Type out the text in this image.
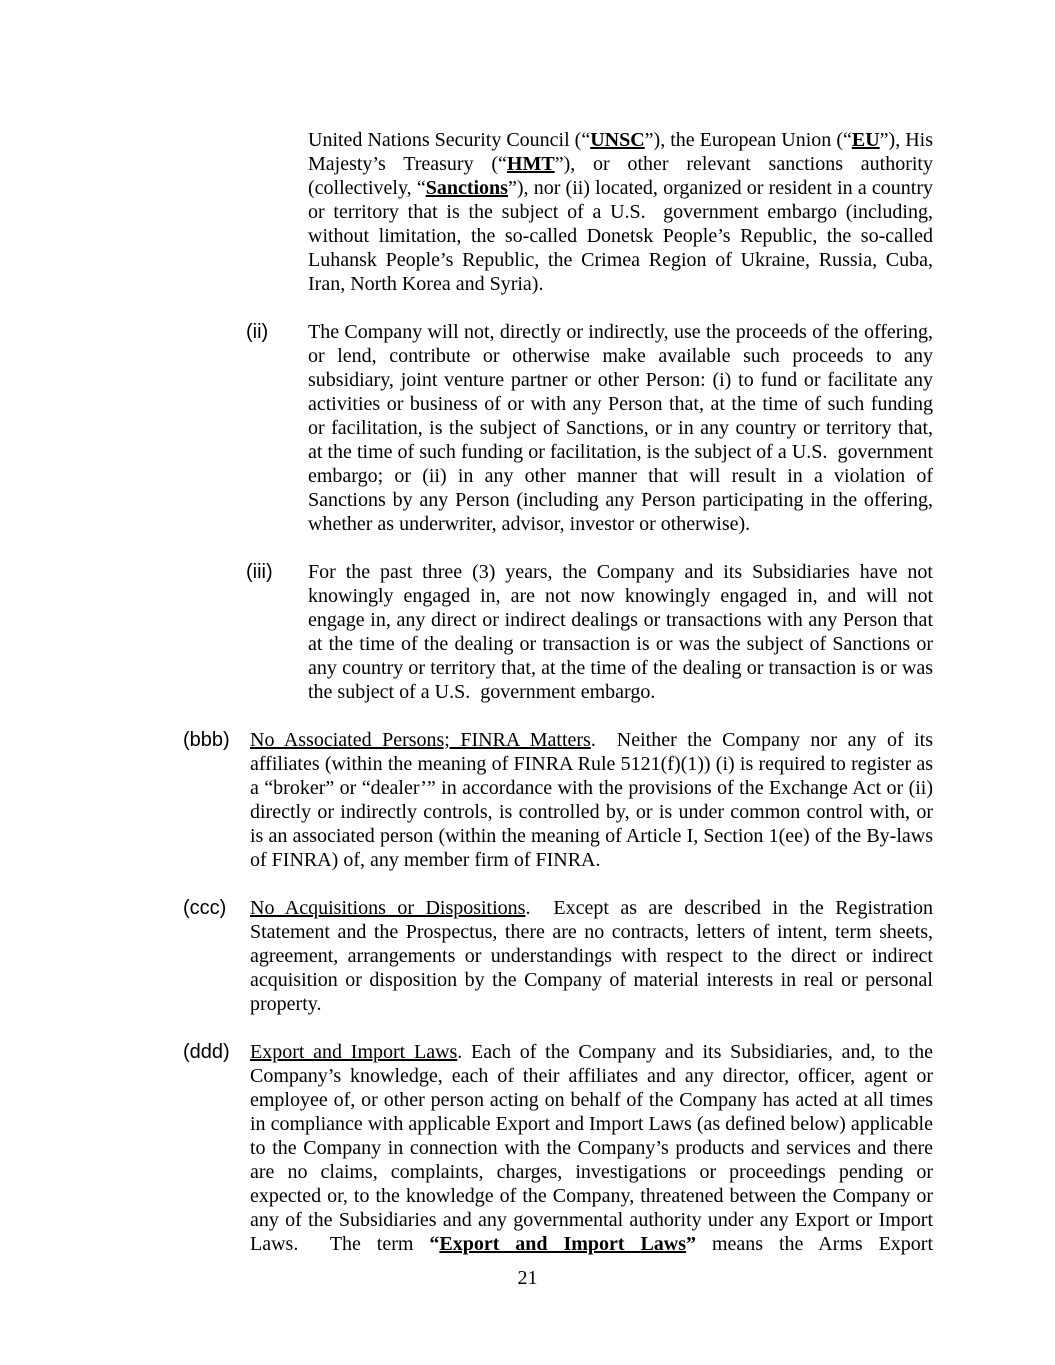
United Nations Security Council (“UNSC”), the European Union (“EU”), His Majesty’s Treasury (“HMT”), or other relevant sanctions authority (collectively, “Sanctions”), nor (ii) located, organized or resident in a country or territory that is the subject of a U.S.  government embargo (including, without limitation, the so-called Donetsk People’s Republic, the so-called Luhansk People’s Republic, the Crimea Region of Ukraine, Russia, Cuba, Iran, North Korea and Syria).
(ii) The Company will not, directly or indirectly, use the proceeds of the offering, or lend, contribute or otherwise make available such proceeds to any subsidiary, joint venture partner or other Person: (i) to fund or facilitate any activities or business of or with any Person that, at the time of such funding or facilitation, is the subject of Sanctions, or in any country or territory that, at the time of such funding or facilitation, is the subject of a U.S.  government embargo; or (ii) in any other manner that will result in a violation of Sanctions by any Person (including any Person participating in the offering, whether as underwriter, advisor, investor or otherwise).
(iii) For the past three (3) years, the Company and its Subsidiaries have not knowingly engaged in, are not now knowingly engaged in, and will not engage in, any direct or indirect dealings or transactions with any Person that at the time of the dealing or transaction is or was the subject of Sanctions or any country or territory that, at the time of the dealing or transaction is or was the subject of a U.S.  government embargo.
(bbb) No Associated Persons; FINRA Matters.  Neither the Company nor any of its affiliates (within the meaning of FINRA Rule 5121(f)(1)) (i) is required to register as a “broker” or “dealer’” in accordance with the provisions of the Exchange Act or (ii) directly or indirectly controls, is controlled by, or is under common control with, or is an associated person (within the meaning of Article I, Section 1(ee) of the By-laws of FINRA) of, any member firm of FINRA.
(ccc) No Acquisitions or Dispositions.  Except as are described in the Registration Statement and the Prospectus, there are no contracts, letters of intent, term sheets, agreement, arrangements or understandings with respect to the direct or indirect acquisition or disposition by the Company of material interests in real or personal property.
(ddd) Export and Import Laws. Each of the Company and its Subsidiaries, and, to the Company’s knowledge, each of their affiliates and any director, officer, agent or employee of, or other person acting on behalf of the Company has acted at all times in compliance with applicable Export and Import Laws (as defined below) applicable to the Company in connection with the Company’s products and services and there are no claims, complaints, charges, investigations or proceedings pending or expected or, to the knowledge of the Company, threatened between the Company or any of the Subsidiaries and any governmental authority under any Export or Import Laws.  The term “Export and Import Laws” means the Arms Export
21
